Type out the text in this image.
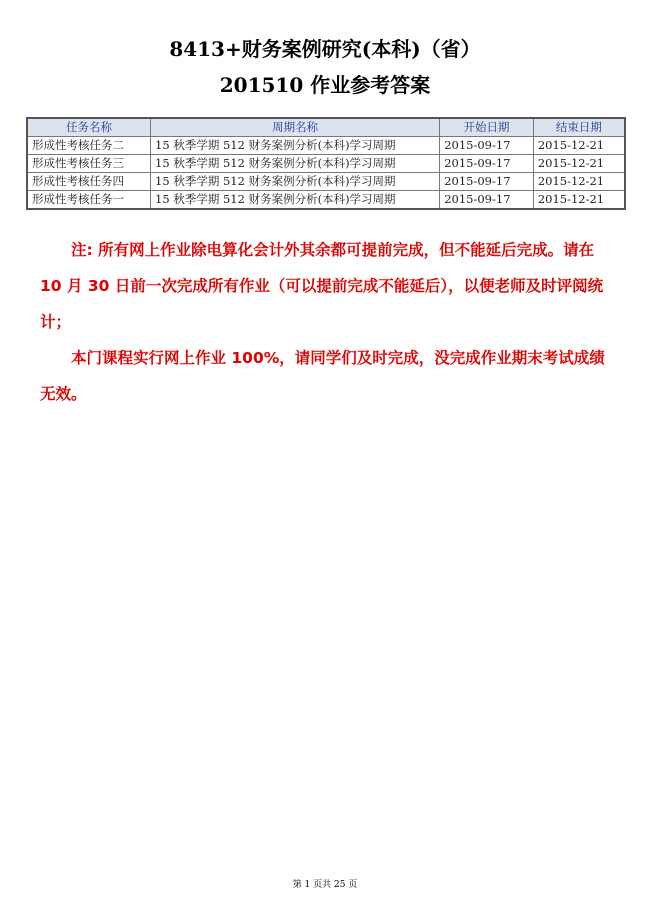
8413+财务案例研究(本科)（省）
201510 作业参考答案
任务名称	周期名称	开始日期	结束日期
形成性考核任务二	15 秋季学期 512 财务案例分析(本科)学习周期	2015-09-17	2015-12-21
形成性考核任务三	15 秋季学期 512 财务案例分析(本科)学习周期	2015-09-17	2015-12-21
形成性考核任务四	15 秋季学期 512 财务案例分析(本科)学习周期	2015-09-17	2015-12-21
形成性考核任务一	15 秋季学期 512 财务案例分析(本科)学习周期	2015-09-17	2015-12-21

注: 所有网上作业除电算化会计外其余都可提前完成，但不能延后完成。请在 10 月 30 日前一次完成所有作业（可以提前完成不能延后），以便老师及时评阅统计；

本门课程实行网上作业 100%，请同学们及时完成，没完成作业期末考试成绩无效。

第 1 页共 25 页
